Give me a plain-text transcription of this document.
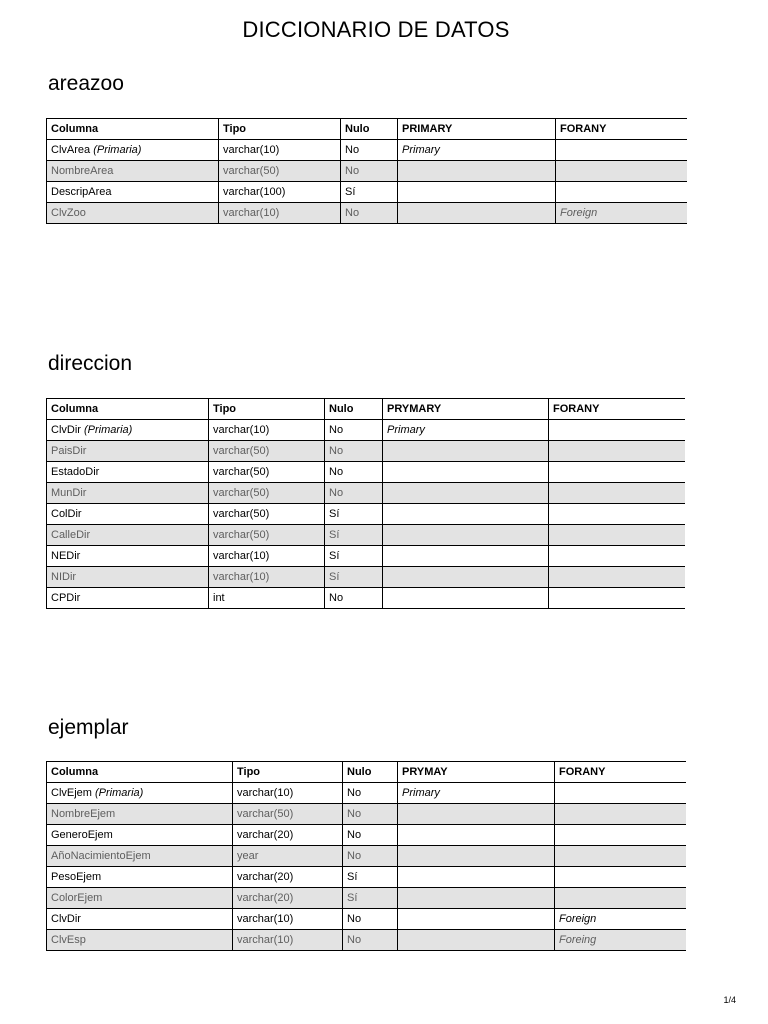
DICCIONARIO DE DATOS
areazoo
Columna	Tipo	Nulo	PRIMARY	FORANY
ClvArea (Primaria)	varchar(10)	No	Primary	
NombreArea	varchar(50)	No		
DescripArea	varchar(100)	Sí		
ClvZoo	varchar(10)	No		Foreign
direccion
Columna	Tipo	Nulo	PRYMARY	FORANY
ClvDir (Primaria)	varchar(10)	No	Primary	
PaisDir	varchar(50)	No		
EstadoDir	varchar(50)	No		
MunDir	varchar(50)	No		
ColDir	varchar(50)	Sí		
CalleDir	varchar(50)	Sí		
NEDir	varchar(10)	Sí		
NIDir	varchar(10)	Sí		
CPDir	int	No		
ejemplar
Columna	Tipo	Nulo	PRYMAY	FORANY
ClvEjem (Primaria)	varchar(10)	No	Primary	
NombreEjem	varchar(50)	No		
GeneroEjem	varchar(20)	No		
AñoNacimientoEjem	year	No		
PesoEjem	varchar(20)	Sí		
ColorEjem	varchar(20)	Sí		
ClvDir	varchar(10)	No		Foreign
ClvEsp	varchar(10)	No		Foreing
1/4
